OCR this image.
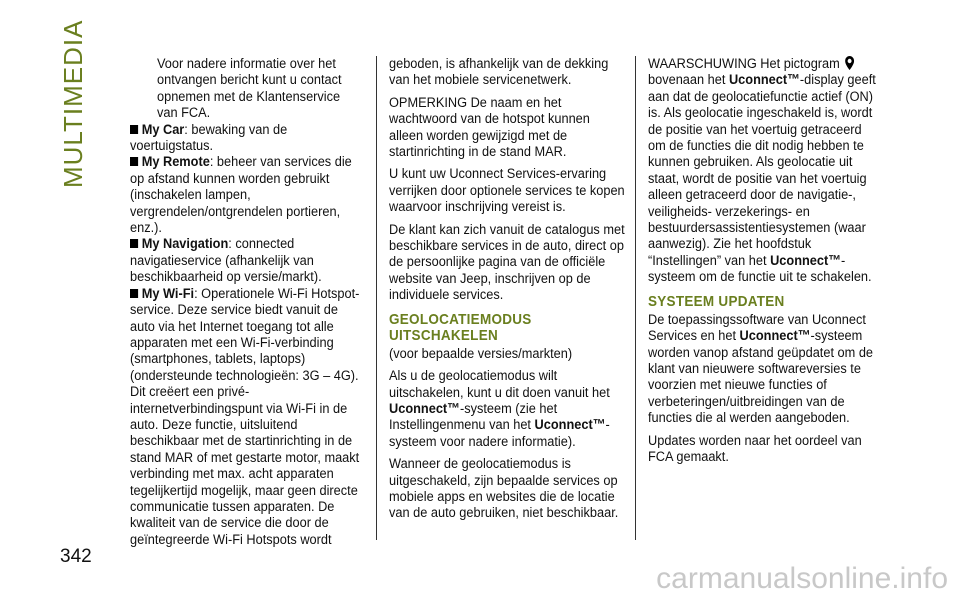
MULTIMEDIA	Voor nadere informatie over het
ontvangen bericht kunt u contact
opnemen met de Klantenservice
van FCA.
My Car: bewaking van de voertuigstatus.
My Remote: beheer van services die op afstand kunnen worden gebruikt (inschakelen lampen, vergrendelen/ontgrendelen portieren, enz.).
My Navigation: connected navigatieservice (afhankelijk van beschikbaarheid op versie/markt).
My Wi-Fi: Operationele Wi-Fi Hotspot-service. Deze service biedt vanuit de auto via het Internet toegang tot alle apparaten met een Wi-Fi-verbinding (smartphones, tablets, laptops) (ondersteunde technologieën: 3G – 4G). Dit creëert een privé-internetverbindingspunt via Wi-Fi in de auto. Deze functie, uitsluitend beschikbaar met de startinrichting in de stand MAR of met gestarte motor, maakt verbinding met max. acht apparaten tegelijkertijd mogelijk, maar geen directe communicatie tussen apparaten. De kwaliteit van de service die door de geïntegreerde Wi-Fi Hotspots wordt

geboden, is afhankelijk van de dekking van het mobiele servicenetwerk.

OPMERKING De naam en het wachtwoord van de hotspot kunnen alleen worden gewijzigd met de startinrichting in de stand MAR.

U kunt uw Uconnect Services-ervaring verrijken door optionele services te kopen waarvoor inschrijving vereist is.

De klant kan zich vanuit de catalogus met beschikbare services in de auto, direct op de persoonlijke pagina van de officiële website van Jeep, inschrijven op de individuele services.

GEOLOCATIEMODUS UITSCHAKELEN

(voor bepaalde versies/markten)

Als u de geolocatiemodus wilt uitschakelen, kunt u dit doen vanuit het Uconnect™-systeem (zie het Instellingenmenu van het Uconnect™-systeem voor nadere informatie).

Wanneer de geolocatiemodus is uitgeschakeld, zijn bepaalde services op mobiele apps en websites die de locatie van de auto gebruiken, niet beschikbaar.

WAARSCHUWING Het pictogram
bovenaan het Uconnect™-display geeft aan dat de geolocatiefunctie actief (ON) is. Als geolocatie ingeschakeld is, wordt de positie van het voertuig getraceerd om de functies die dit nodig hebben te kunnen gebruiken. Als geolocatie uit staat, wordt de positie van het voertuig alleen getraceerd door de navigatie-, veiligheids- verzekerings- en bestuurdersassistentiesystemen (waar aanwezig). Zie het hoofdstuk “Instellingen” van het Uconnect™-systeem om de functie uit te schakelen.

SYSTEEM UPDATEN

De toepassingssoftware van Uconnect Services en het Uconnect™-systeem worden vanop afstand geüpdatet om de klant van nieuwere softwareversies te voorzien met nieuwe functies of verbeteringen/uitbreidingen van de functies die al werden aangeboden.

Updates worden naar het oordeel van FCA gemaakt.

342
carmanualsonline.info
